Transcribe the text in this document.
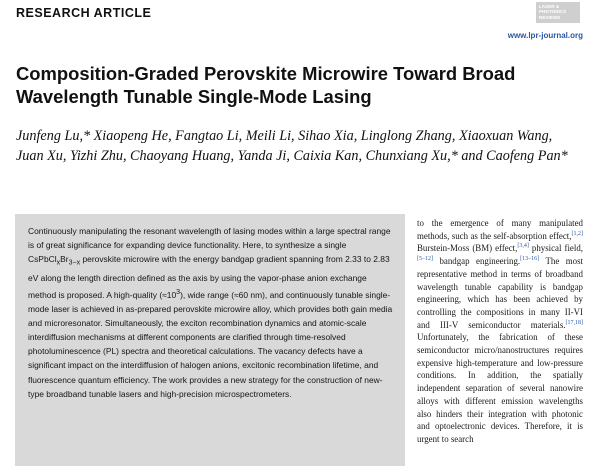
RESEARCH ARTICLE	LASER &
PHOTONICS
REVIEWS
www.lpr-journal.org
Composition-Graded Perovskite Microwire Toward Broad Wavelength Tunable Single-Mode Lasing

Junfeng Lu,* Xiaopeng He, Fangtao Li, Meili Li, Sihao Xia, Linglong Zhang, Xiaoxuan Wang, Juan Xu, Yizhi Zhu, Chaoyang Huang, Yanda Ji, Caixia Kan, Chunxiang Xu,* and Caofeng Pan*

Continuously manipulating the resonant wavelength of lasing modes within a large spectral range is of great significance for expanding device functionality. Here, to synthesize a single $CsPbCl_xBr_{3-x}$ perovskite microwire with the energy bandgap gradient spanning from 2.33 to 2.83 eV along the length direction defined as the axis by using the vapor-phase anion exchange method is proposed. A high-quality $(\approx 10^3)$, wide range (≈60 nm), and continuously tunable single-mode laser is achieved in as-prepared perovskite microwire alloy, which provides both gain media and microresonator. Simultaneously, the exciton recombination dynamics and atomic-scale interdiffusion mechanisms at different components are clarified through time-resolved photoluminescence (PL) spectra and theoretical calculations. The vacancy defects have a significant impact on the interdiffusion of halogen anions, excitonic recombination lifetime, and fluorescence quantum efficiency. The work provides a new strategy for the construction of new-type broadband tunable lasers and high-precision microspectrometers.

to the emergence of many manipulated methods, such as the self-absorption effect,[1,2] Burstein-Moss (BM) effect,[3,4] physical field,[5–12] bandgap engineering.[13–16] The most representative method in terms of broadband wavelength tunable capability is bandgap engineering, which has been achieved by controlling the compositions in many II-VI and III-V semiconductor materials.[17,18] Unfortunately, the fabrication of these semiconductor micro/nanostructures requires expensive high-temperature and low-pressure conditions. In addition, the spatially independent separation of several nanowire alloys with different emission wavelengths also hinders their integration with photonic and optoelectronic devices. Therefore, it is urgent to search
